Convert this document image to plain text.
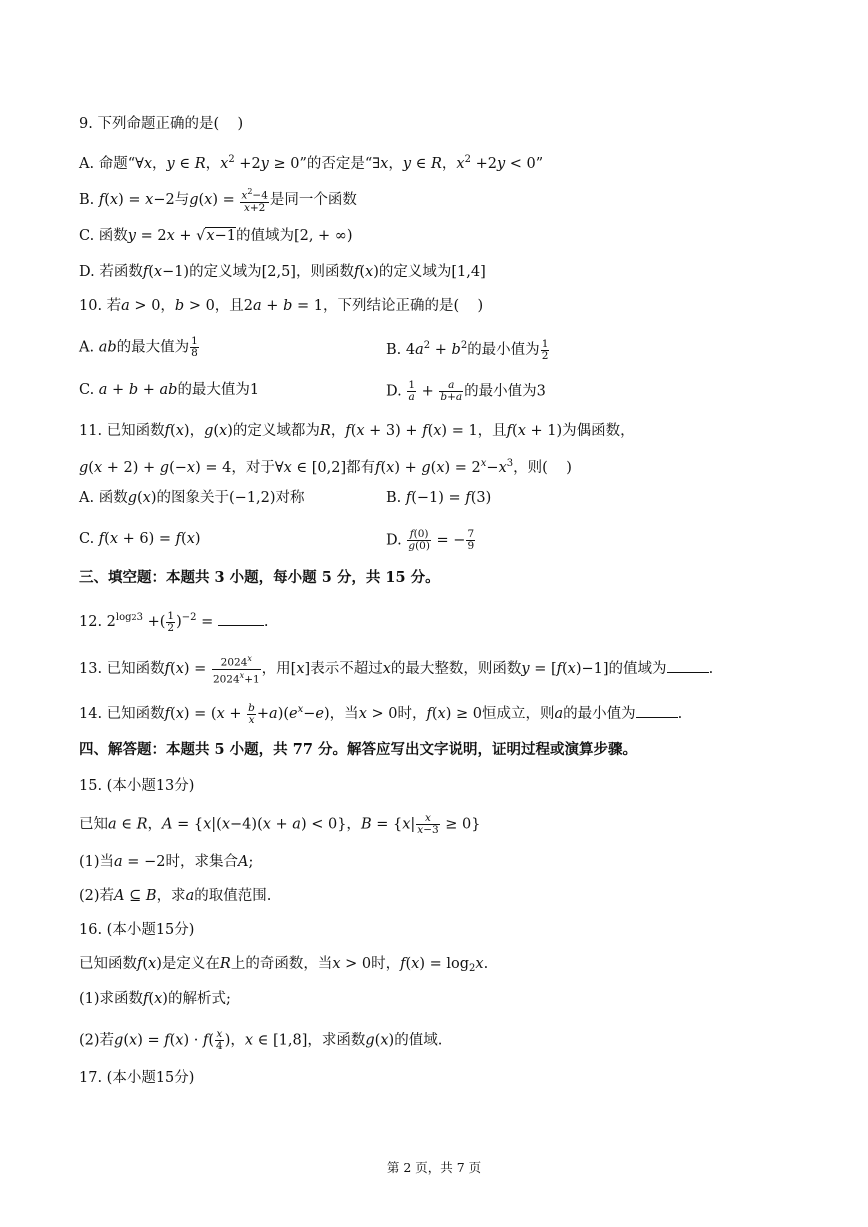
9. 下列命题正确的是(    )
A. 命题“∀x，y ∈ R，$x^2 +2y \ge 0$”的否定是“∃x，y ∈ R，$x^2 +2y < 0$”
B. f(x) = x−2与$g(x) = \frac{x^2-4}{x+2}$ 是同一个函数
C. 函数y = 2x + √x−1的值域为[2, + ∞)
D. 若函数f(x−1)的定义域为[2,5]，则函数f(x)的定义域为[1,4]
10. 若a > 0，b > 0，且2a + b = 1，下列结论正确的是(    )
A. ab的最大值为 $\frac{1}{8}$	B. $4a^2 + b^2$的最小值为 $\frac{1}{2}$
C. a + b + ab的最大值为1	D. $\frac{1}{a} + \frac{a}{b+a}$ 的最小值为3
11. 已知函数f(x)，g(x)的定义域都为R，f(x + 3) + f(x) = 1，且f(x + 1)为偶函数，
g(x + 2) + g(−x) = 4，对于∀x ∈ [0,2]都有$f(x) + g(x) = 2^x-x^3$，则(    )
A. 函数g(x)的图象关于(−1,2)对称	B. f(−1) = f(3)
C. f(x + 6) = f(x)	D. $\frac{f(0)}{g(0)}$ = − $\frac{7}{9}$
三、填空题：本题共 3 小题，每小题 5 分，共 15 分。
12. $2^{log23}$ +( $\frac{1}{2} )^{-2}$ =	.
13. 已知函数$f(x) = \frac{2024^x}{2024^x+1}$ ，用[x]表示不超过x的最大整数，则函数y = [f(x)−1]的值域为	.
14. 已知函数$f(x) = (x + \frac{b}{x} +a)(e^x-e)$，当x > 0时，f(x) ≥ 0恒成立，则a的最小值为	.
四、解答题：本题共 5 小题，共 77 分。解答应写出文字说明，证明过程或演算步骤。
15. (本小题13分)
已知a ∈ R，A = {x|(x−4)(x + a) < 0}，$B = \{x| \frac{x}{x-3} \ge 0\}$
(1)当a = −2时，求集合A;
(2)若A ⊆ B，求a的取值范围.
16. (本小题15分)
已知函数f(x)是定义在R上的奇函数，当x > 0时，$f(x) = \log_2x$.
(1)求函数f(x)的解析式;
(2)若$g(x) = f(x) \cdot f( \frac{x}{4}$ )，x ∈ [1,8]，求函数g(x)的值域.
17. (本小题15分)
第 2 页，共 7 页
